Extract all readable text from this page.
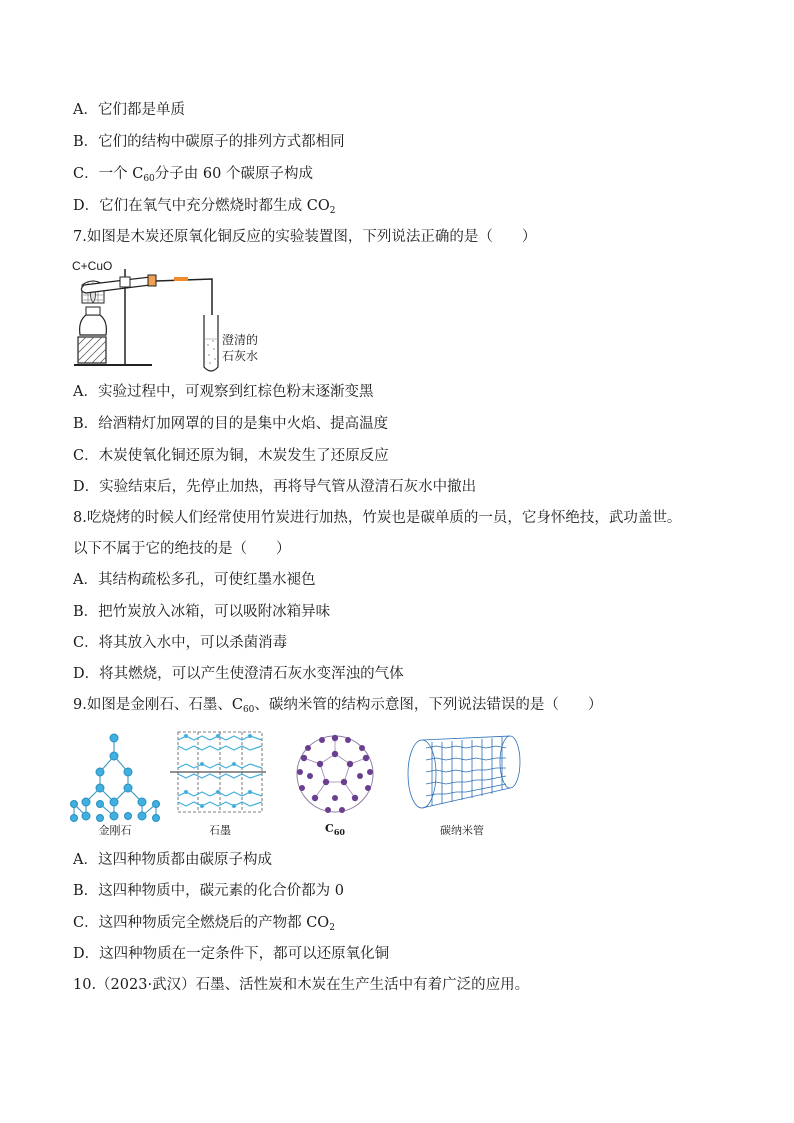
A．它们都是单质
B．它们的结构中碳原子的排列方式都相同
C．一个 $C_{60}$分子由 60 个碳原子构成
D．它们在氧气中充分燃烧时都生成 $CO_2$
7.如图是木炭还原氧化铜反应的实验装置图，下列说法正确的是（　　）
C+CuO
澄清的
石灰水
A．实验过程中，可观察到红棕色粉末逐渐变黑
B．给酒精灯加网罩的目的是集中火焰、提高温度
C．木炭使氧化铜还原为铜，木炭发生了还原反应
D．实验结束后，先停止加热，再将导气管从澄清石灰水中撤出
8.吃烧烤的时候人们经常使用竹炭进行加热，竹炭也是碳单质的一员，它身怀绝技，武功盖世。
以下不属于它的绝技的是（　　）
A．其结构疏松多孔，可使红墨水褪色
B．把竹炭放入冰箱，可以吸附冰箱异味
C．将其放入水中，可以杀菌消毒
D．将其燃烧，可以产生使澄清石灰水变浑浊的气体
9.如图是金刚石、石墨、$C_{60}$、碳纳米管的结构示意图，下列说法错误的是（　　）
金刚石	石墨	$C_{60}$	碳纳米管
A．这四种物质都由碳原子构成
B．这四种物质中，碳元素的化合价都为 0
C．这四种物质完全燃烧后的产物都 $CO_2$
D．这四种物质在一定条件下，都可以还原氧化铜
10.（2023·武汉）石墨、活性炭和木炭在生产生活中有着广泛的应用。
